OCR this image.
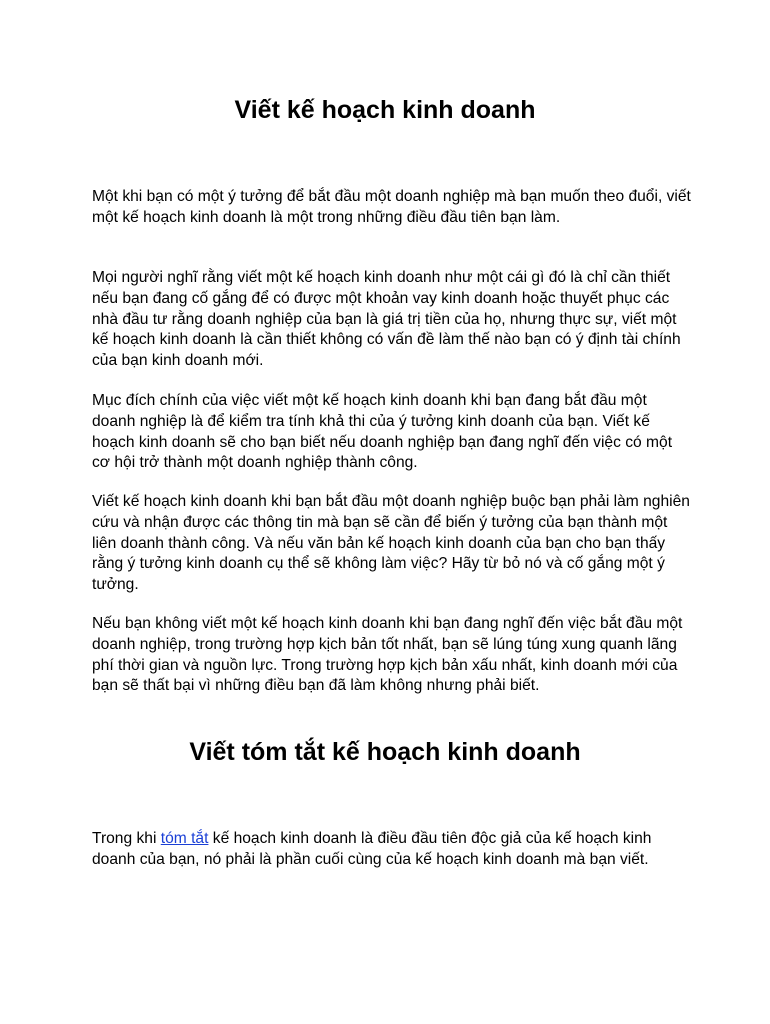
Viết kế hoạch kinh doanh

Một khi bạn có một ý tưởng để bắt đầu một doanh nghiệp mà bạn muốn theo đuổi, viết một kế hoạch kinh doanh là một trong những điều đầu tiên bạn làm.

Mọi người nghĩ rằng viết một kế hoạch kinh doanh như một cái gì đó là chỉ cần thiết nếu bạn đang cố gắng để có được một khoản vay kinh doanh hoặc thuyết phục các nhà đầu tư rằng doanh nghiệp của bạn là giá trị tiền của họ, nhưng thực sự, viết một kế hoạch kinh doanh là cần thiết không có vấn đề làm thế nào bạn có ý định tài chính của bạn kinh doanh mới.

Mục đích chính của việc viết một kế hoạch kinh doanh khi bạn đang bắt đầu một doanh nghiệp là để kiểm tra tính khả thi của ý tưởng kinh doanh của bạn. Viết kế hoạch kinh doanh sẽ cho bạn biết nếu doanh nghiệp bạn đang nghĩ đến việc có một cơ hội trở thành một doanh nghiệp thành công.

Viết kế hoạch kinh doanh khi bạn bắt đầu một doanh nghiệp buộc bạn phải làm nghiên cứu và nhận được các thông tin mà bạn sẽ cần để biến ý tưởng của bạn thành một liên doanh thành công. Và nếu văn bản kế hoạch kinh doanh của bạn cho bạn thấy rằng ý tưởng kinh doanh cụ thể sẽ không làm việc? Hãy từ bỏ nó và cố gắng một ý tưởng.

Nếu bạn không viết một kế hoạch kinh doanh khi bạn đang nghĩ đến việc bắt đầu một doanh nghiệp, trong trường hợp kịch bản tốt nhất, bạn sẽ lúng túng xung quanh lãng phí thời gian và nguồn lực. Trong trường hợp kịch bản xấu nhất, kinh doanh mới của bạn sẽ thất bại vì những điều bạn đã làm không nhưng phải biết.

Viết tóm tắt kế hoạch kinh doanh

Trong khi tóm tắt kế hoạch kinh doanh là điều đầu tiên độc giả của kế hoạch kinh doanh của bạn, nó phải là phần cuối cùng của kế hoạch kinh doanh mà bạn viết.
